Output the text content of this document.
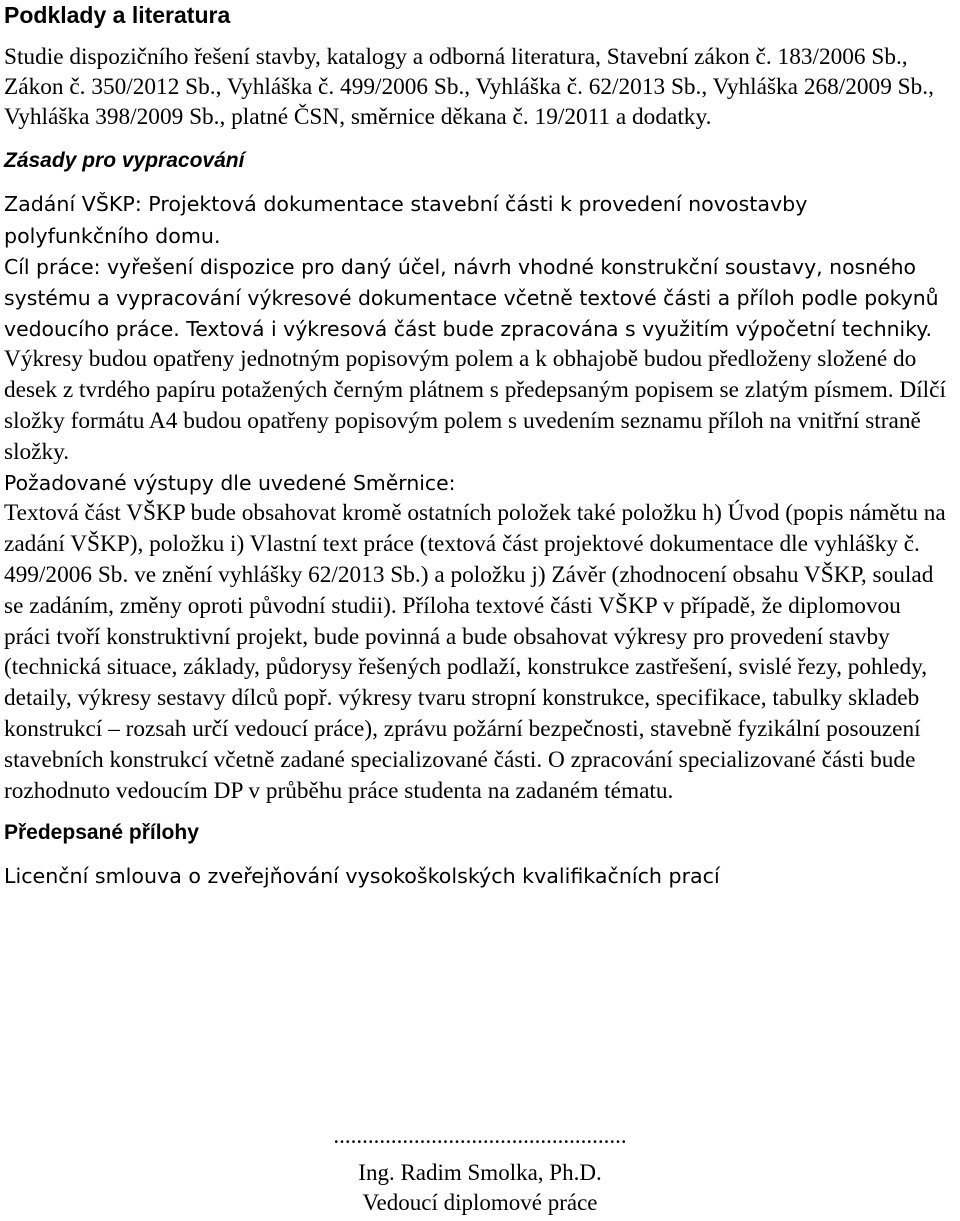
Podklady a literatura

Studie dispozičního řešení stavby, katalogy a odborná literatura, Stavební zákon č. 183/2006 Sb., Zákon č. 350/2012 Sb., Vyhláška č. 499/2006 Sb., Vyhláška č. 62/2013 Sb., Vyhláška 268/2009 Sb., Vyhláška 398/2009 Sb., platné ČSN, směrnice děkana č. 19/2011 a dodatky.

Zásady pro vypracování

Zadání VŠKP: Projektová dokumentace stavební části k provedení novostavby polyfunkčního domu.

Cíl práce: vyřešení dispozice pro daný účel, návrh vhodné konstrukční soustavy, nosného systému a vypracování výkresové dokumentace včetně textové části a příloh podle pokynů vedoucího práce. Textová i výkresová část bude zpracována s využitím výpočetní techniky. Výkresy budou opatřeny jednotným popisovým polem a k obhajobě budou předloženy složené do desek z tvrdého papíru potažených černým plátnem s předepsaným popisem se zlatým písmem. Dílčí složky formátu A4 budou opatřeny popisovým polem s uvedením seznamu příloh na vnitřní straně složky.

Požadované výstupy dle uvedené Směrnice:

Textová část VŠKP bude obsahovat kromě ostatních položek také položku h) Úvod (popis námětu na zadání VŠKP), položku i) Vlastní text práce (textová část projektové dokumentace dle vyhlášky č. 499/2006 Sb. ve znění vyhlášky 62/2013 Sb.) a položku j) Závěr (zhodnocení obsahu VŠKP, soulad se zadáním, změny oproti původní studii). Příloha textové části VŠKP v případě, že diplomovou práci tvoří konstruktivní projekt, bude povinná a bude obsahovat výkresy pro provedení stavby (technická situace, základy, půdorysy řešených podlaží, konstrukce zastřešení, svislé řezy, pohledy, detaily, výkresy sestavy dílců popř. výkresy tvaru stropní konstrukce, specifikace, tabulky skladeb konstrukcí – rozsah určí vedoucí práce), zprávu požární bezpečnosti, stavebně fyzikální posouzení stavebních konstrukcí včetně zadané specializované části. O zpracování specializované části bude rozhodnuto vedoucím DP v průběhu práce studenta na zadaném tématu.

Předepsané přílohy

Licenční smlouva o zveřejňování vysokoškolských kvalifikačních prací

...................................................
Ing. Radim Smolka, Ph.D.
Vedoucí diplomové práce
